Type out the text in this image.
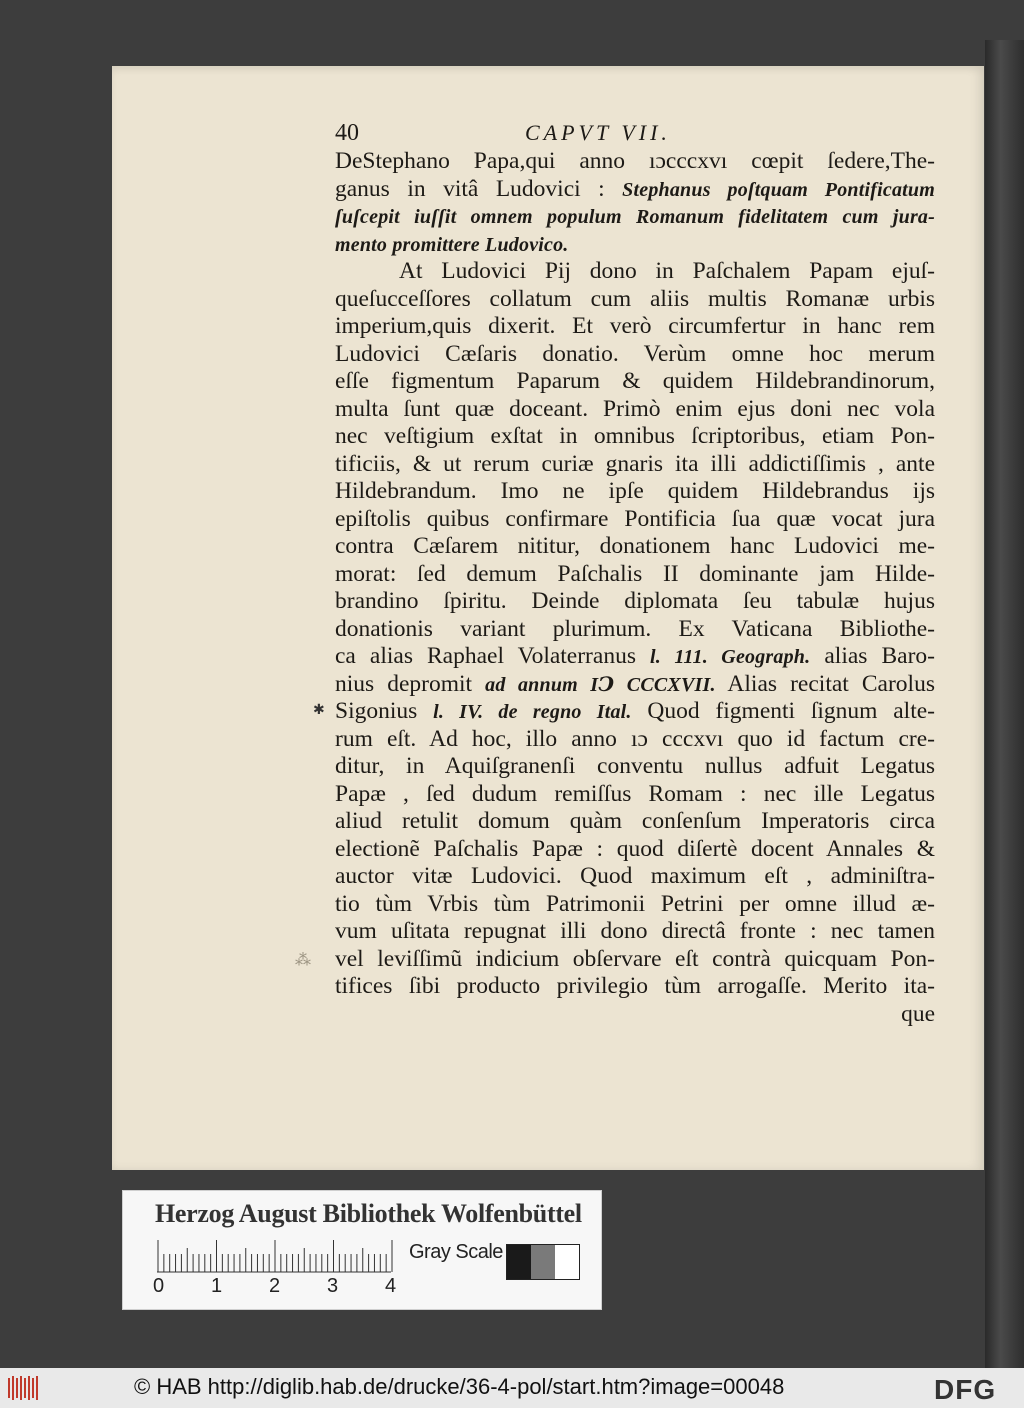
40	CAPVT VII.
DeStephano Papa,qui anno ıɔccсxvı cœpit ſedere,The-
ganus in vitâ Ludovici : Stephanus poſtquam Pontificatum
ſuſcepit iuſſit omnem populum Romanum fidelitatem cum jura-
mento promittere Ludovico.
At Ludovici Pij dono in Paſchalem Papam ejuſ-
queſucceſſores collatum cum aliis multis Romanæ urbis
imperium,quis dixerit. Et verò circumfertur in hanc rem
Ludovici Cæſaris donatio. Verùm omne hoc merum
eſſe figmentum Paparum & quidem Hildebrandinorum,
multa ſunt quæ doceant. Primò enim ejus doni nec vola
nec veſtigium exſtat in omnibus ſcriptoribus, etiam Pon-
tificiis, & ut rerum curiæ gnaris ita illi addictiſſimis , ante
Hildebrandum. Imo ne ipſe quidem Hildebrandus ijs
epiſtolis quibus confirmare Pontificia ſua quæ vocat jura
contra Cæſarem nititur, donationem hanc Ludovici me-
morat: ſed demum Paſchalis II dominante jam Hilde-
brandino ſpiritu. Deinde diplomata ſeu tabulæ hujus
donationis variant plurimum. Ex Vaticana Bibliothe-
ca alias Raphael Volaterranus l. 111. Geograph. alias Baro-
nius depromit ad annum IↃ CCCXVII. Alias recitat Carolus
Sigonius l. IV. de regno Ital. Quod figmenti ſignum alte-
rum eſt. Ad hoc, illo anno ıɔ cccxvı quo id factum cre-
ditur, in Aquiſgranenſi conventu nullus adfuit Legatus
Papæ , ſed dudum remiſſus Romam : nec ille Legatus
aliud retulit domum quàm conſenſum Imperatoris circa
electionẽ Paſchalis Papæ : quod diſertè docent Annales &
auctor vitæ Ludovici. Quod maximum eſt , adminiſtra-
tio tùm Vrbis tùm Patrimonii Petrini per omne illud æ-
vum uſitata repugnat illi dono directâ fronte : nec tamen
vel leviſſimũ indicium obſervare eſt contrà quicquam Pon-
tifices ſibi producto privilegio tùm arrogaſſe. Merito ita-
que
✱
⁂
Herzog August Bibliothek Wolfenbüttel
0 1 2 3 4
Gray Scale
© HAB http://diglib.hab.de/drucke/36-4-pol/start.htm?image=00048	DFG
